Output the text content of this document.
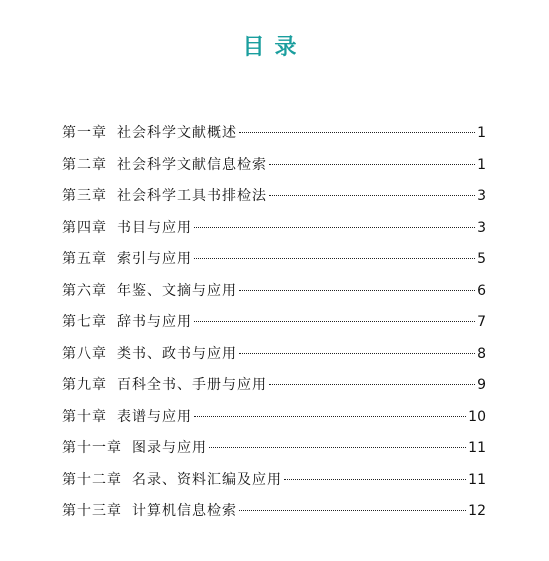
目录
第一章 社会科学文献概述	1
第二章 社会科学文献信息检索	1
第三章 社会科学工具书排检法	3
第四章 书目与应用	3
第五章 索引与应用	5
第六章 年鉴、文摘与应用	6
第七章 辞书与应用	7
第八章 类书、政书与应用	8
第九章 百科全书、手册与应用	9
第十章 表谱与应用	10
第十一章 图录与应用	11
第十二章 名录、资料汇编及应用	11
第十三章 计算机信息检索	12
